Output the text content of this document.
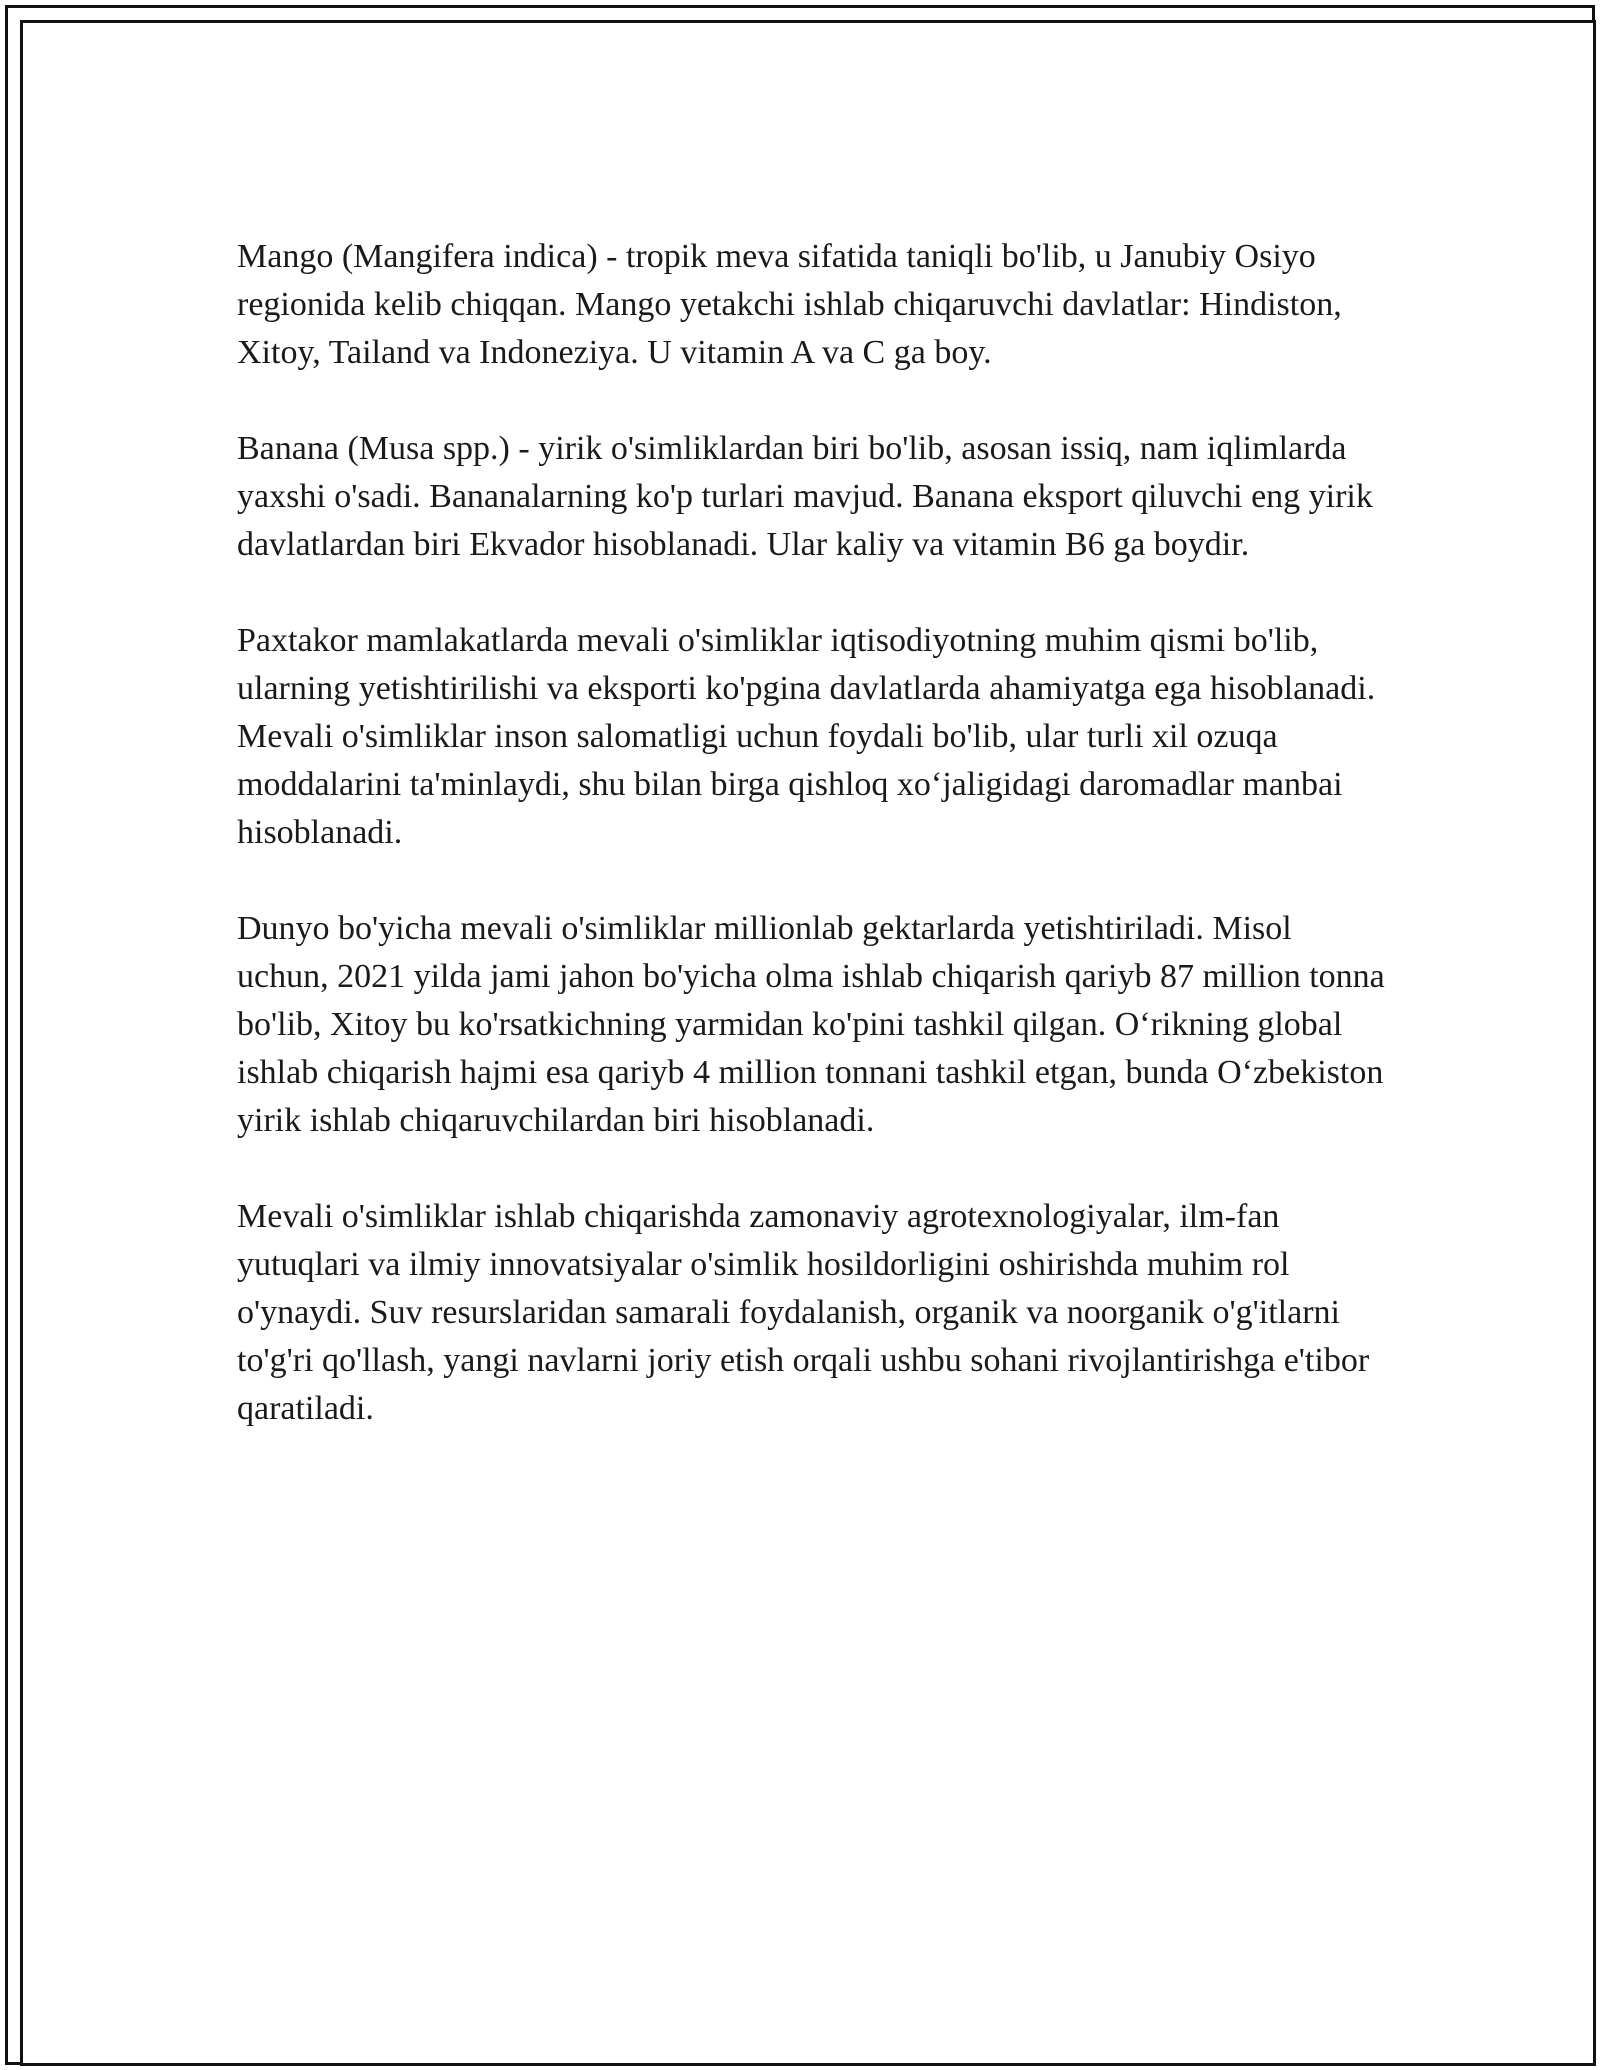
Mango (Mangifera indica) - tropik meva sifatida taniqli bo'lib, u Janubiy Osiyo regionida kelib chiqqan. Mango yetakchi ishlab chiqaruvchi davlatlar: Hindiston, Xitoy, Tailand va Indoneziya. U vitamin A va C ga boy.

Banana (Musa spp.) - yirik o'simliklardan biri bo'lib, asosan issiq, nam iqlimlarda yaxshi o'sadi. Bananalarning ko'p turlari mavjud. Banana eksport qiluvchi eng yirik davlatlardan biri Ekvador hisoblanadi. Ular kaliy va vitamin B6 ga boydir.

Paxtakor mamlakatlarda mevali o'simliklar iqtisodiyotning muhim qismi bo'lib, ularning yetishtirilishi va eksporti ko'pgina davlatlarda ahamiyatga ega hisoblanadi. Mevali o'simliklar inson salomatligi uchun foydali bo'lib, ular turli xil ozuqa moddalarini ta'minlaydi, shu bilan birga qishloq xo‘jaligidagi daromadlar manbai hisoblanadi.

Dunyo bo'yicha mevali o'simliklar millionlab gektarlarda yetishtiriladi. Misol uchun, 2021 yilda jami jahon bo'yicha olma ishlab chiqarish qariyb 87 million tonna bo'lib, Xitoy bu ko'rsatkichning yarmidan ko'pini tashkil qilgan. O‘rikning global ishlab chiqarish hajmi esa qariyb 4 million tonnani tashkil etgan, bunda O‘zbekiston yirik ishlab chiqaruvchilardan biri hisoblanadi.

Mevali o'simliklar ishlab chiqarishda zamonaviy agrotexnologiyalar, ilm-fan yutuqlari va ilmiy innovatsiyalar o'simlik hosildorligini oshirishda muhim rol o'ynaydi. Suv resurslaridan samarali foydalanish, organik va noorganik o'g'itlarni to'g'ri qo'llash, yangi navlarni joriy etish orqali ushbu sohani rivojlantirishga e'tibor qaratiladi.
